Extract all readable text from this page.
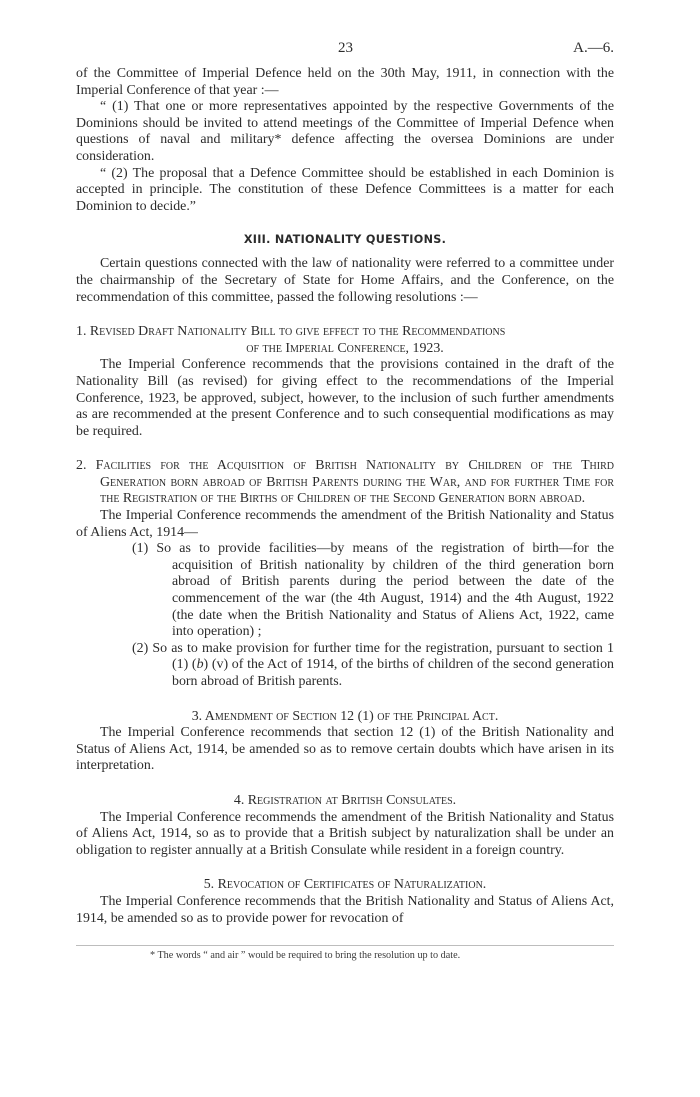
23	A.—6.

of the Committee of Imperial Defence held on the 30th May, 1911, in connection with the Imperial Conference of that year :—

“ (1) That one or more representatives appointed by the respective Governments of the Dominions should be invited to attend meetings of the Committee of Imperial Defence when questions of naval and military* defence affecting the oversea Dominions are under consideration.

“ (2) The proposal that a Defence Committee should be established in each Dominion is accepted in principle. The constitution of these Defence Committees is a matter for each Dominion to decide.”

XIII. NATIONALITY QUESTIONS.

Certain questions connected with the law of nationality were referred to a committee under the chairmanship of the Secretary of State for Home Affairs, and the Conference, on the recommendation of this committee, passed the following resolutions :—

1. Revised Draft Nationality Bill to give effect to the Recommendations
of the Imperial Conference, 1923.

The Imperial Conference recommends that the provisions contained in the draft of the Nationality Bill (as revised) for giving effect to the recommendations of the Imperial Conference, 1923, be approved, subject, however, to the inclusion of such further amendments as are recommended at the present Conference and to such consequential modifications as may be required.

2. Facilities for the Acquisition of British Nationality by Children of the Third Generation born abroad of British Parents during the War, and for further Time for the Registration of the Births of Children of the Second Generation born abroad.

The Imperial Conference recommends the amendment of the British Nationality and Status of Aliens Act, 1914—

(1) So as to provide facilities—by means of the registration of birth—for the acquisition of British nationality by children of the third generation born abroad of British parents during the period between the date of the commencement of the war (the 4th August, 1914) and the 4th August, 1922 (the date when the British Nationality and Status of Aliens Act, 1922, came into operation) ;

(2) So as to make provision for further time for the registration, pursuant to section 1 (1) (b) (v) of the Act of 1914, of the births of children of the second generation born abroad of British parents.

3. Amendment of Section 12 (1) of the Principal Act.

The Imperial Conference recommends that section 12 (1) of the British Nationality and Status of Aliens Act, 1914, be amended so as to remove certain doubts which have arisen in its interpretation.

4. Registration at British Consulates.

The Imperial Conference recommends the amendment of the British Nationality and Status of Aliens Act, 1914, so as to provide that a British subject by naturalization shall be under an obligation to register annually at a British Consulate while resident in a foreign country.

5. Revocation of Certificates of Naturalization.

The Imperial Conference recommends that the British Nationality and Status of Aliens Act, 1914, be amended so as to provide power for revocation of

* The words “ and air ” would be required to bring the resolution up to date.
